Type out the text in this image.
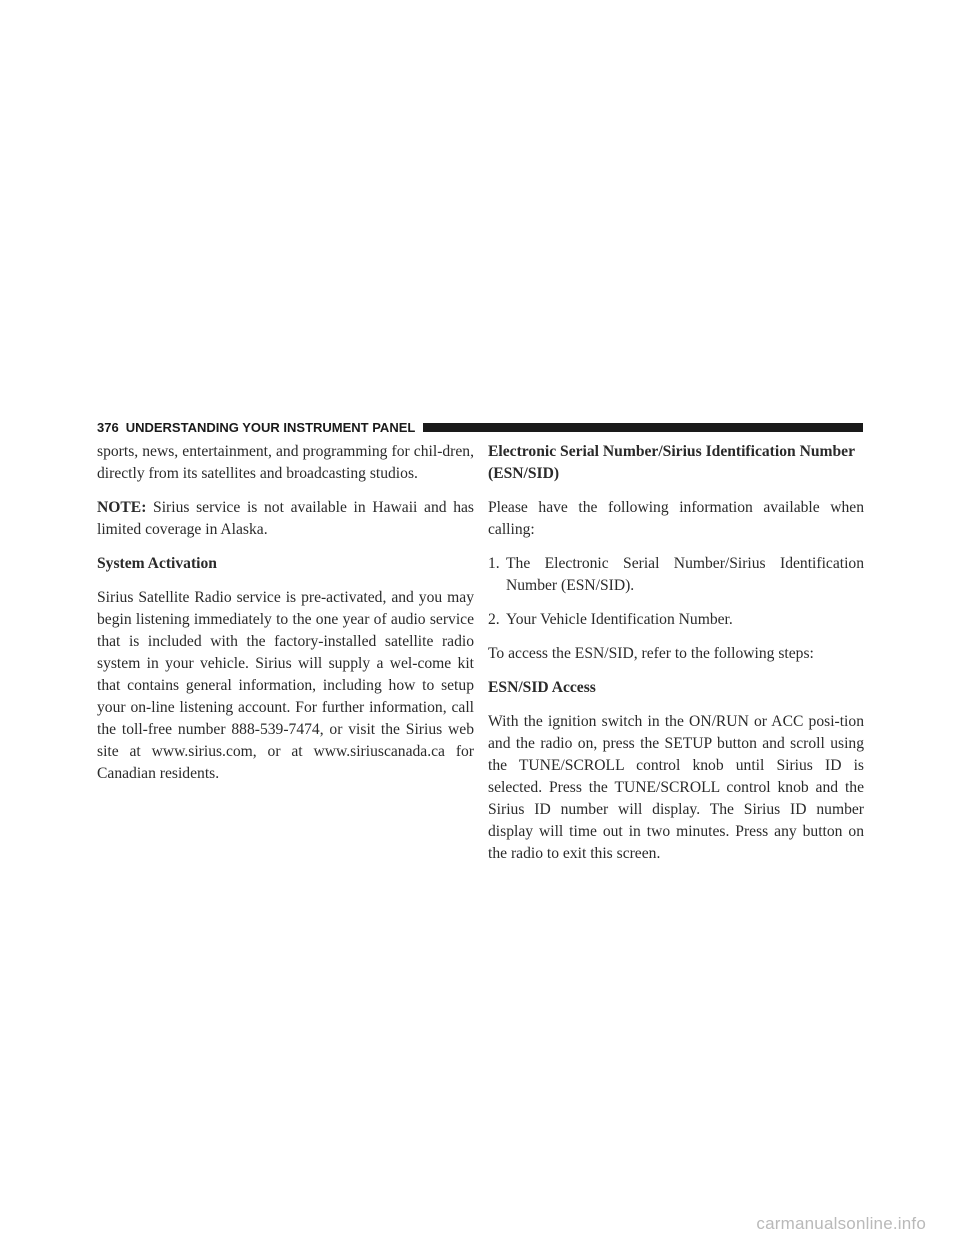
376 UNDERSTANDING YOUR INSTRUMENT PANEL

sports, news, entertainment, and programming for chil-dren, directly from its satellites and broadcasting studios.

NOTE: Sirius service is not available in Hawaii and has limited coverage in Alaska.

System Activation

Sirius Satellite Radio service is pre-activated, and you may begin listening immediately to the one year of audio service that is included with the factory-installed satellite radio system in your vehicle. Sirius will supply a wel-come kit that contains general information, including how to setup your on-line listening account. For further information, call the toll-free number 888-539-7474, or visit the Sirius web site at www.sirius.com, or at www.siriuscanada.ca for Canadian residents.

Electronic Serial Number/Sirius Identification Number (ESN/SID)

Please have the following information available when calling:

1. The Electronic Serial Number/Sirius Identification Number (ESN/SID).
2. Your Vehicle Identification Number.

To access the ESN/SID, refer to the following steps:

ESN/SID Access

With the ignition switch in the ON/RUN or ACC posi-tion and the radio on, press the SETUP button and scroll using the TUNE/SCROLL control knob until Sirius ID is selected. Press the TUNE/SCROLL control knob and the Sirius ID number will display. The Sirius ID number display will time out in two minutes. Press any button on the radio to exit this screen.

carmanualsonline.info
